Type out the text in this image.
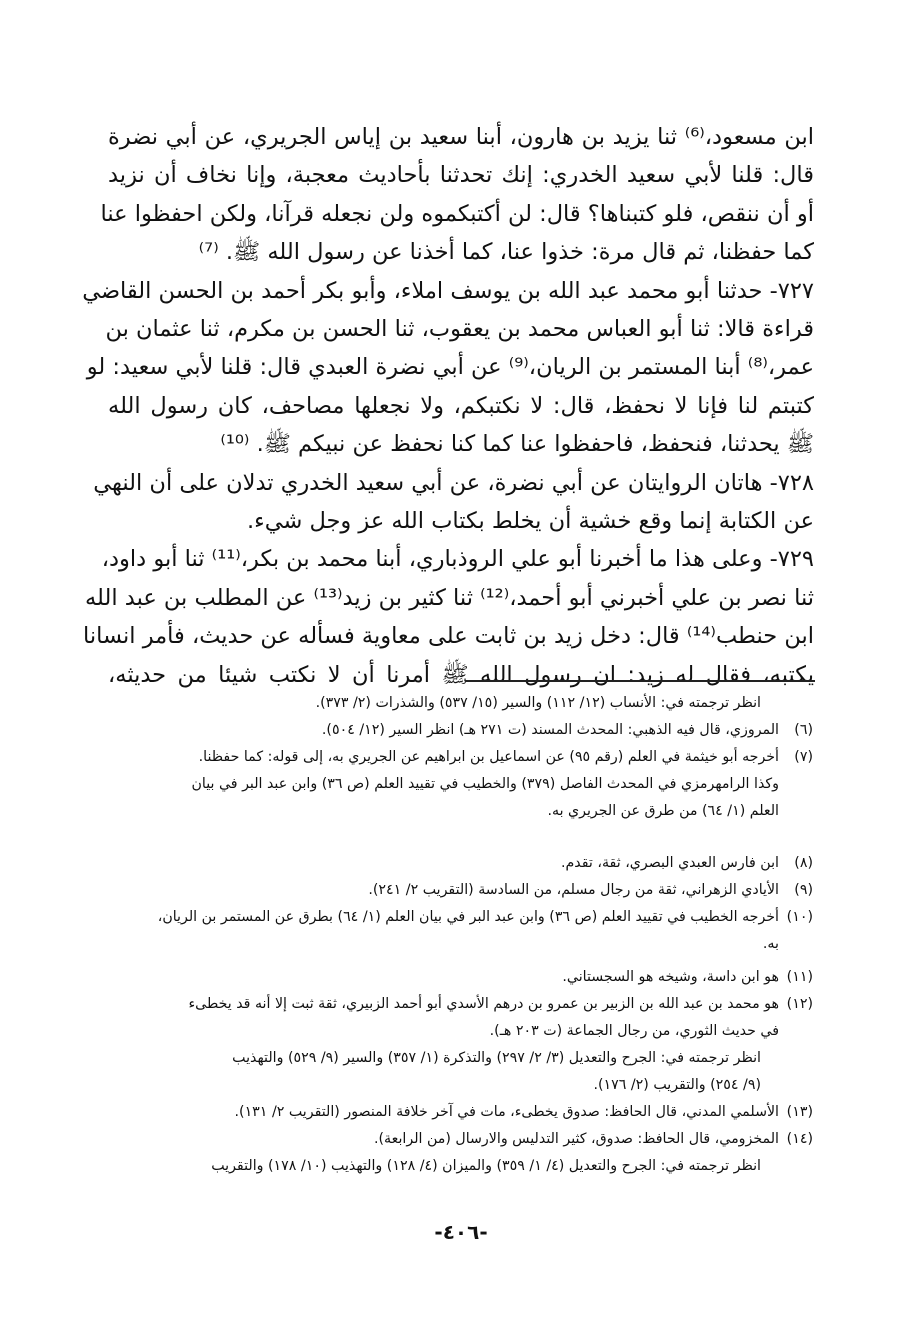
ابن مسعود،⁽⁶⁾ ثنا يزيد بن هارون، أبنا سعيد بن إياس الجريري، عن أبي نضرة
قال: قلنا لأبي سعيد الخدري: إنك تحدثنا بأحاديث معجبة، وإنا نخاف أن نزيد
أو أن ننقص، فلو كتبناها؟ قال: لن أكتبكموه ولن نجعله قرآنا، ولكن احفظوا عنا
كما حفظنا، ثم قال مرة: خذوا عنا، كما أخذنا عن رسول الله ﷺ. ⁽⁷⁾
٧٢٧- حدثنا أبو محمد عبد الله بن يوسف املاء، وأبو بكر أحمد بن الحسن القاضي
قراءة قالا: ثنا أبو العباس محمد بن يعقوب، ثنا الحسن بن مكرم، ثنا عثمان بن
عمر،⁽⁸⁾ أبنا المستمر بن الريان،⁽⁹⁾ عن أبي نضرة العبدي قال: قلنا لأبي سعيد: لو
كتبتم لنا فإنا لا نحفظ، قال: لا نكتبكم، ولا نجعلها مصاحف، كان رسول الله
ﷺ يحدثنا، فنحفظ، فاحفظوا عنا كما كنا نحفظ عن نبيكم ﷺ. ⁽¹⁰⁾
٧٢٨- هاتان الروايتان عن أبي نضرة، عن أبي سعيد الخدري تدلان على أن النهي
عن الكتابة إنما وقع خشية أن يخلط بكتاب الله عز وجل شيء.
٧٢٩- وعلى هذا ما أخبرنا أبو علي الروذباري، أبنا محمد بن بكر،⁽¹¹⁾ ثنا أبو داود،
ثنا نصر بن علي أخبرني أبو أحمد،⁽¹²⁾ ثنا كثير بن زيد⁽¹³⁾ عن المطلب بن عبد الله
ابن حنطب⁽¹⁴⁾ قال: دخل زيد بن ثابت على معاوية فسأله عن حديث، فأمر انسانا
يكتبه، فقال له زيد: ان رسول الله ﷺ أمرنا أن لا نكتب شيئا من حديثه،
انظر ترجمته في: الأنساب (١٢/ ١١٢) والسير (١٥/ ٥٣٧) والشذرات (٢/ ٣٧٣).
(٦)المروزي، قال فيه الذهبي: المحدث المسند (ت ٢٧١ هـ) انظر السير (١٢/ ٥٠٤).
(٧)أخرجه أبو خيثمة في العلم (رقم ٩٥) عن اسماعيل بن ابراهيم عن الجريري به، إلى قوله: كما حفظنا.
وكذا الرامهرمزي في المحدث الفاصل (٣٧٩) والخطيب في تقييد العلم (ص ٣٦) وابن عبد البر في بيان
العلم (١/ ٦٤) من طرق عن الجريري به.
(٨)ابن فارس العبدي البصري، ثقة، تقدم.
(٩)الأيادي الزهراني، ثقة من رجال مسلم، من السادسة (التقريب ٢/ ٢٤١).
(١٠)أخرجه الخطيب في تقييد العلم (ص ٣٦) وابن عبد البر في بيان العلم (١/ ٦٤) بطرق عن المستمر بن الريان،
به.
(١١)هو ابن داسة، وشيخه هو السجستاني.
(١٢)هو محمد بن عبد الله بن الزبير بن عمرو بن درهم الأسدي أبو أحمد الزبيري، ثقة ثبت إلا أنه قد يخطىء
في حديث الثوري، من رجال الجماعة (ت ٢٠٣ هـ).
انظر ترجمته في: الجرح والتعديل (٣/ ٢/ ٢٩٧) والتذكرة (١/ ٣٥٧) والسير (٩/ ٥٢٩) والتهذيب
(٩/ ٢٥٤) والتقريب (٢/ ١٧٦).
(١٣)الأسلمي المدني، قال الحافظ: صدوق يخطىء، مات في آخر خلافة المنصور (التقريب ٢/ ١٣١).
(١٤)المخزومي، قال الحافظ: صدوق، كثير التدليس والارسال (من الرابعة).
انظر ترجمته في: الجرح والتعديل (٤/ ١/ ٣٥٩) والميزان (٤/ ١٢٨) والتهذيب (١٠/ ١٧٨) والتقريب
-٤٠٦-
